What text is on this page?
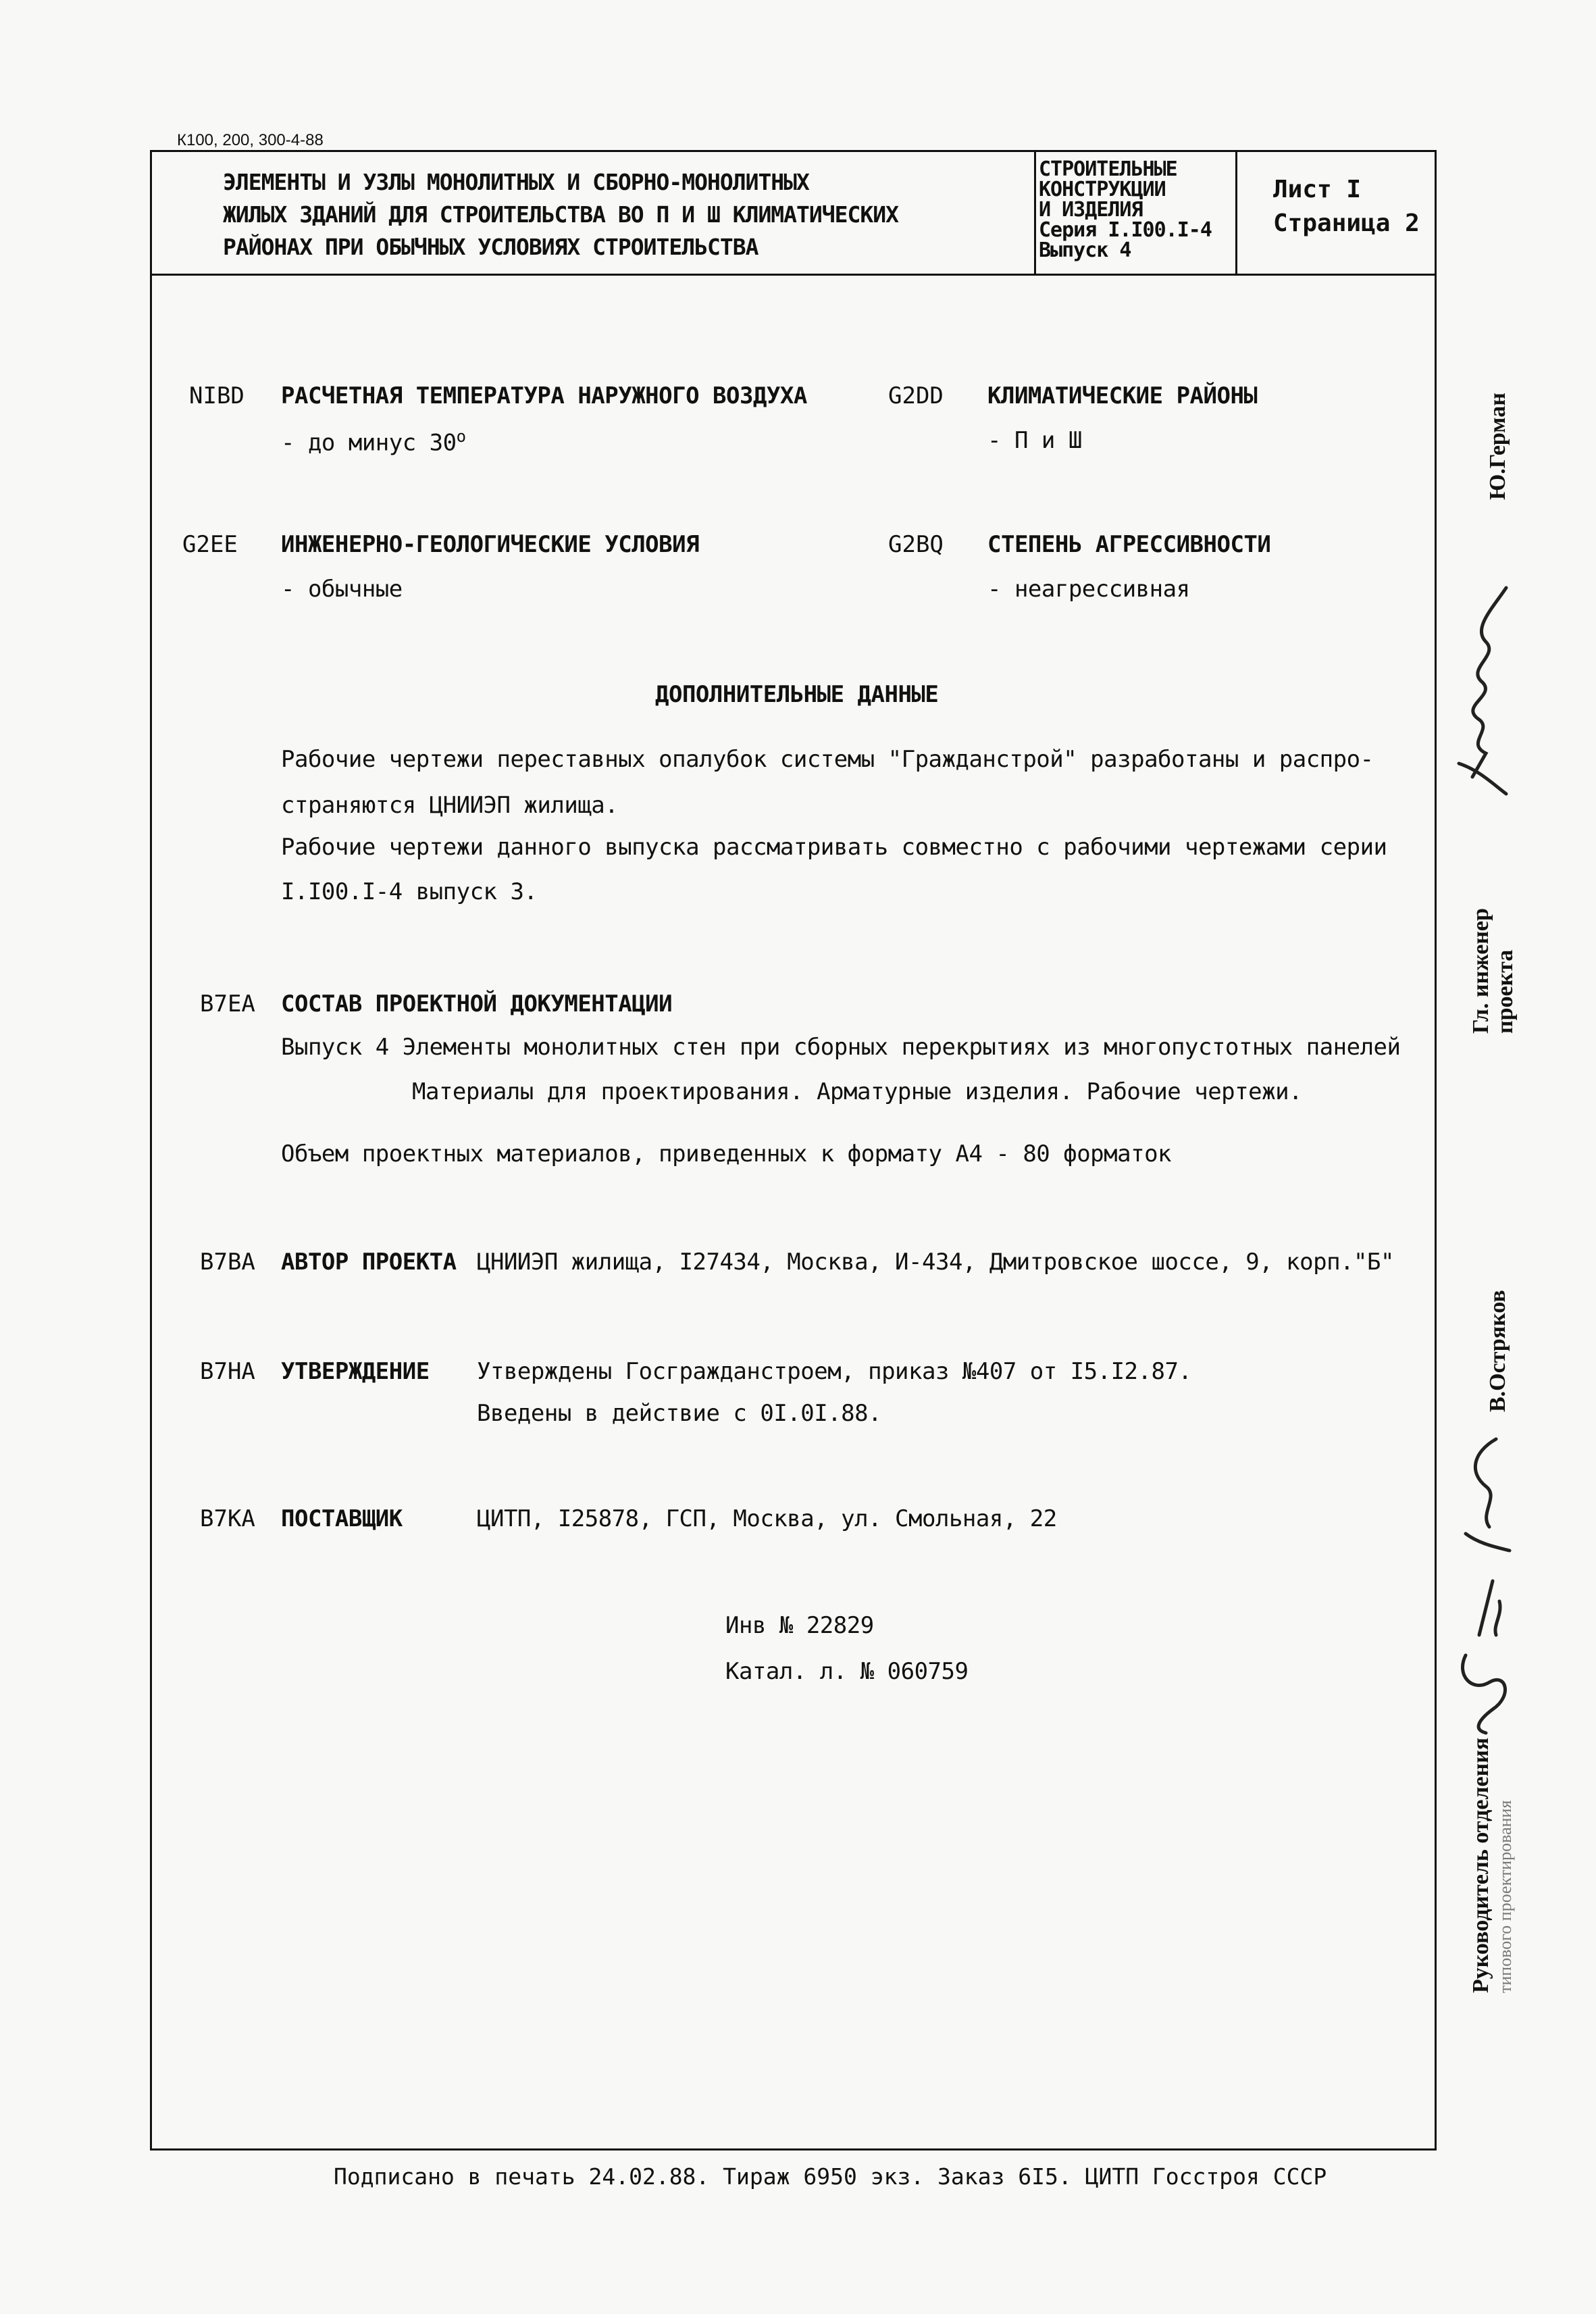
К100, 200, 300-4-88
ЭЛЕМЕНТЫ И УЗЛЫ МОНОЛИТНЫХ И СБОРНО-МОНОЛИТНЫХ
ЖИЛЫХ ЗДАНИЙ ДЛЯ СТРОИТЕЛЬСТВА ВО П И Ш КЛИМАТИЧЕСКИХ
РАЙОНАХ ПРИ ОБЫЧНЫХ УСЛОВИЯХ СТРОИТЕЛЬСТВА
СТРОИТЕЛЬНЫЕ
КОНСТРУКЦИИ
И ИЗДЕЛИЯ
Серия I.I00.I-4
Выпуск 4
Лист I
Страница 2
NIBD РАСЧЕТНАЯ ТЕМПЕРАТУРА НАРУЖНОГО ВОЗДУХА
- до минус 30$^o$
G2DD КЛИМАТИЧЕСКИЕ РАЙОНЫ
- П и Ш
G2EE ИНЖЕНЕРНО-ГЕОЛОГИЧЕСКИЕ УСЛОВИЯ
- обычные
G2BQ СТЕПЕНЬ АГРЕССИВНОСТИ
- неагрессивная
ДОПОЛНИТЕЛЬНЫЕ ДАННЫЕ
Рабочие чертежи переставных опалубок системы "Гражданстрой" разработаны и распро-
страняются ЦНИИЭП жилища.
Рабочие чертежи данного выпуска рассматривать совместно с рабочими чертежами серии
I.I00.I-4 выпуск 3.
B7EA СОСТАВ ПРОЕКТНОЙ ДОКУМЕНТАЦИИ
Выпуск 4 Элементы монолитных стен при сборных перекрытиях из многопустотных панелей
Материалы для проектирования. Арматурные изделия. Рабочие чертежи.
Объем проектных материалов, приведенных к формату А4 - 80 форматок
B7BA АВТОР ПРОЕКТА ЦНИИЭП жилища, I27434, Москва, И-434, Дмитровское шоссе, 9, корп."Б"
B7HA УТВЕРЖДЕНИЕ Утверждены Госгражданстроем, приказ №407 от I5.I2.87.
Введены в действие с 0I.0I.88.
B7KA ПОСТАВЩИК	ЦИТП, I25878, ГСП, Москва, ул. Смольная, 22
Инв № 22829
Катал. л. № 060759
Подписано в печать 24.02.88. Тираж 6950 экз. Заказ 6I5. ЦИТП Госстроя СССР
Ю.Герман
Гл. инженер проекта
В.Остряков
Руководитель отделения типового проектирования
